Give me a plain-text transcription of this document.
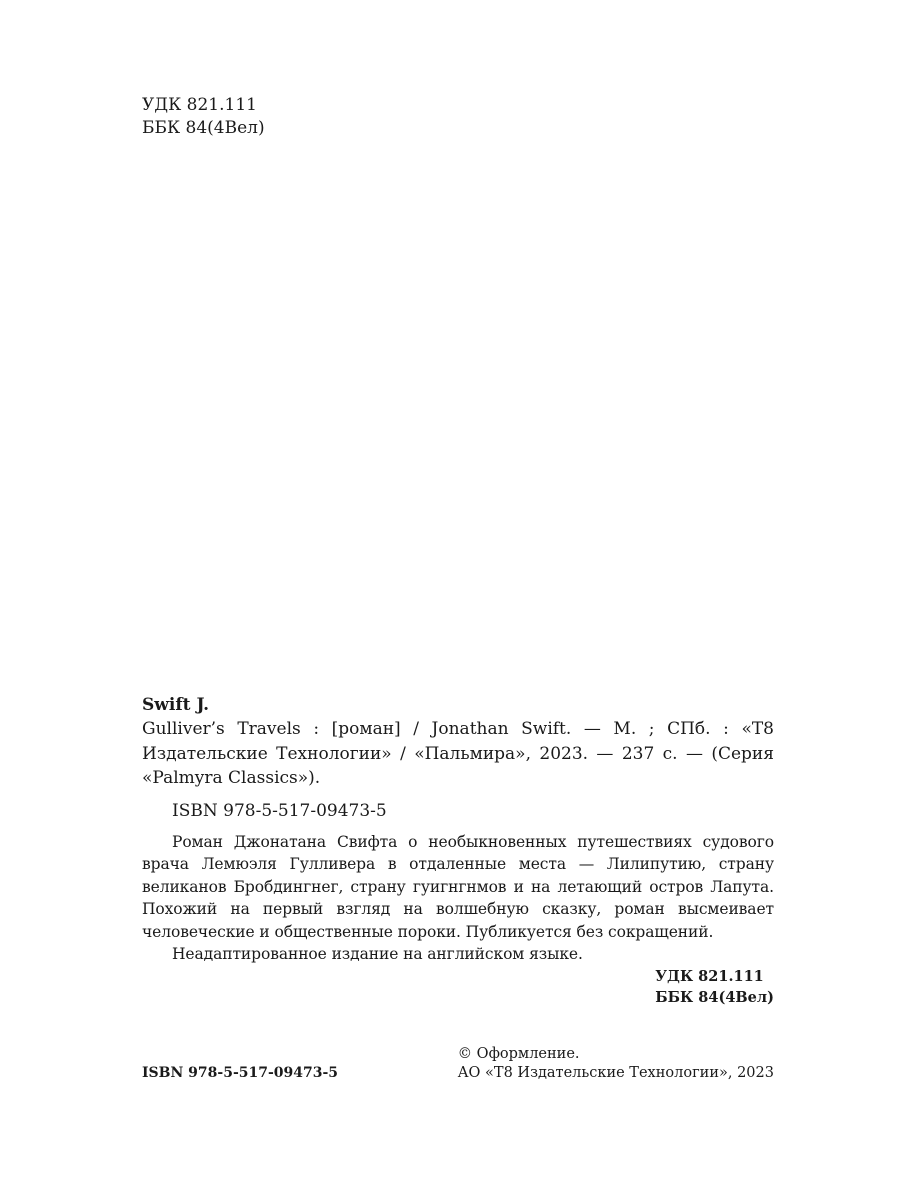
УДК 821.111
ББК 84(4Вел)

Swift J.

Gulliver’s Travels : [роман] / Jonathan Swift. — М. ; СПб. : «Т8 Издательские Технологии» / «Пальмира», 2023. — 237 с. — (Серия «Palmyra Classics»).

ISBN 978-5-517-09473-5

Роман Джонатана Свифта о необыкновенных путешествиях судового врача Лемюэля Гулливера в отдаленные места — Лилипутию, страну великанов Бробдингнег, страну гуигнгнмов и на летающий остров Лапута. Похожий на первый взгляд на волшебную сказку, роман высмеивает человеческие и общественные пороки. Публикуется без сокращений.

Неадаптированное издание на английском языке.

УДК 821.111
ББК 84(4Вел)
ISBN 978-5-517-09473-5
© Оформление.
АО «Т8 Издательские Технологии», 2023
